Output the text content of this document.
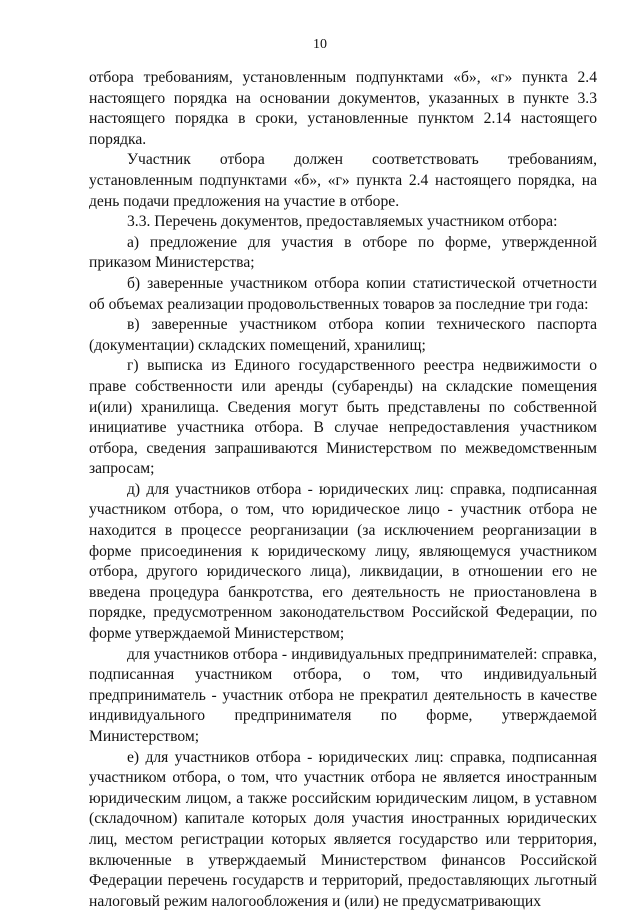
10

отбора требованиям, установленным подпунктами «б», «г» пункта 2.4 настоящего порядка на основании документов, указанных в пункте 3.3 настоящего порядка в сроки, установленные пунктом 2.14 настоящего порядка.

Участник отбора должен соответствовать требованиям, установленным подпунктами «б», «г» пункта 2.4 настоящего порядка, на день подачи предложения на участие в отборе.

3.3. Перечень документов, предоставляемых участником отбора:

а) предложение для участия в отборе по форме, утвержденной приказом Министерства;

б) заверенные участником отбора копии статистической отчетности об объемах реализации продовольственных товаров за последние три года:

в) заверенные участником отбора копии технического паспорта (документации) складских помещений, хранилищ;

г) выписка из Единого государственного реестра недвижимости о праве собственности или аренды (субаренды) на складские помещения и(или) хранилища. Сведения могут быть представлены по собственной инициативе участника отбора. В случае непредоставления участником отбора, сведения запрашиваются Министерством по межведомственным запросам;

д) для участников отбора - юридических лиц: справка, подписанная участником отбора, о том, что юридическое лицо - участник отбора не находится в процессе реорганизации (за исключением реорганизации в форме присоединения к юридическому лицу, являющемуся участником отбора, другого юридического лица), ликвидации, в отношении его не введена процедура банкротства, его деятельность не приостановлена в порядке, предусмотренном законодательством Российской Федерации, по форме утверждаемой Министерством;

для участников отбора - индивидуальных предпринимателей: справка, подписанная участником отбора, о том, что индивидуальный предприниматель - участник отбора не прекратил деятельность в качестве индивидуального предпринимателя по форме, утверждаемой Министерством;

е) для участников отбора - юридических лиц: справка, подписанная участником отбора, о том, что участник отбора не является иностранным юридическим лицом, а также российским юридическим лицом, в уставном (складочном) капитале которых доля участия иностранных юридических лиц, местом регистрации которых является государство или территория, включенные в утверждаемый Министерством финансов Российской Федерации перечень государств и территорий, предоставляющих льготный налоговый режим налогообложения и (или) не предусматривающих
